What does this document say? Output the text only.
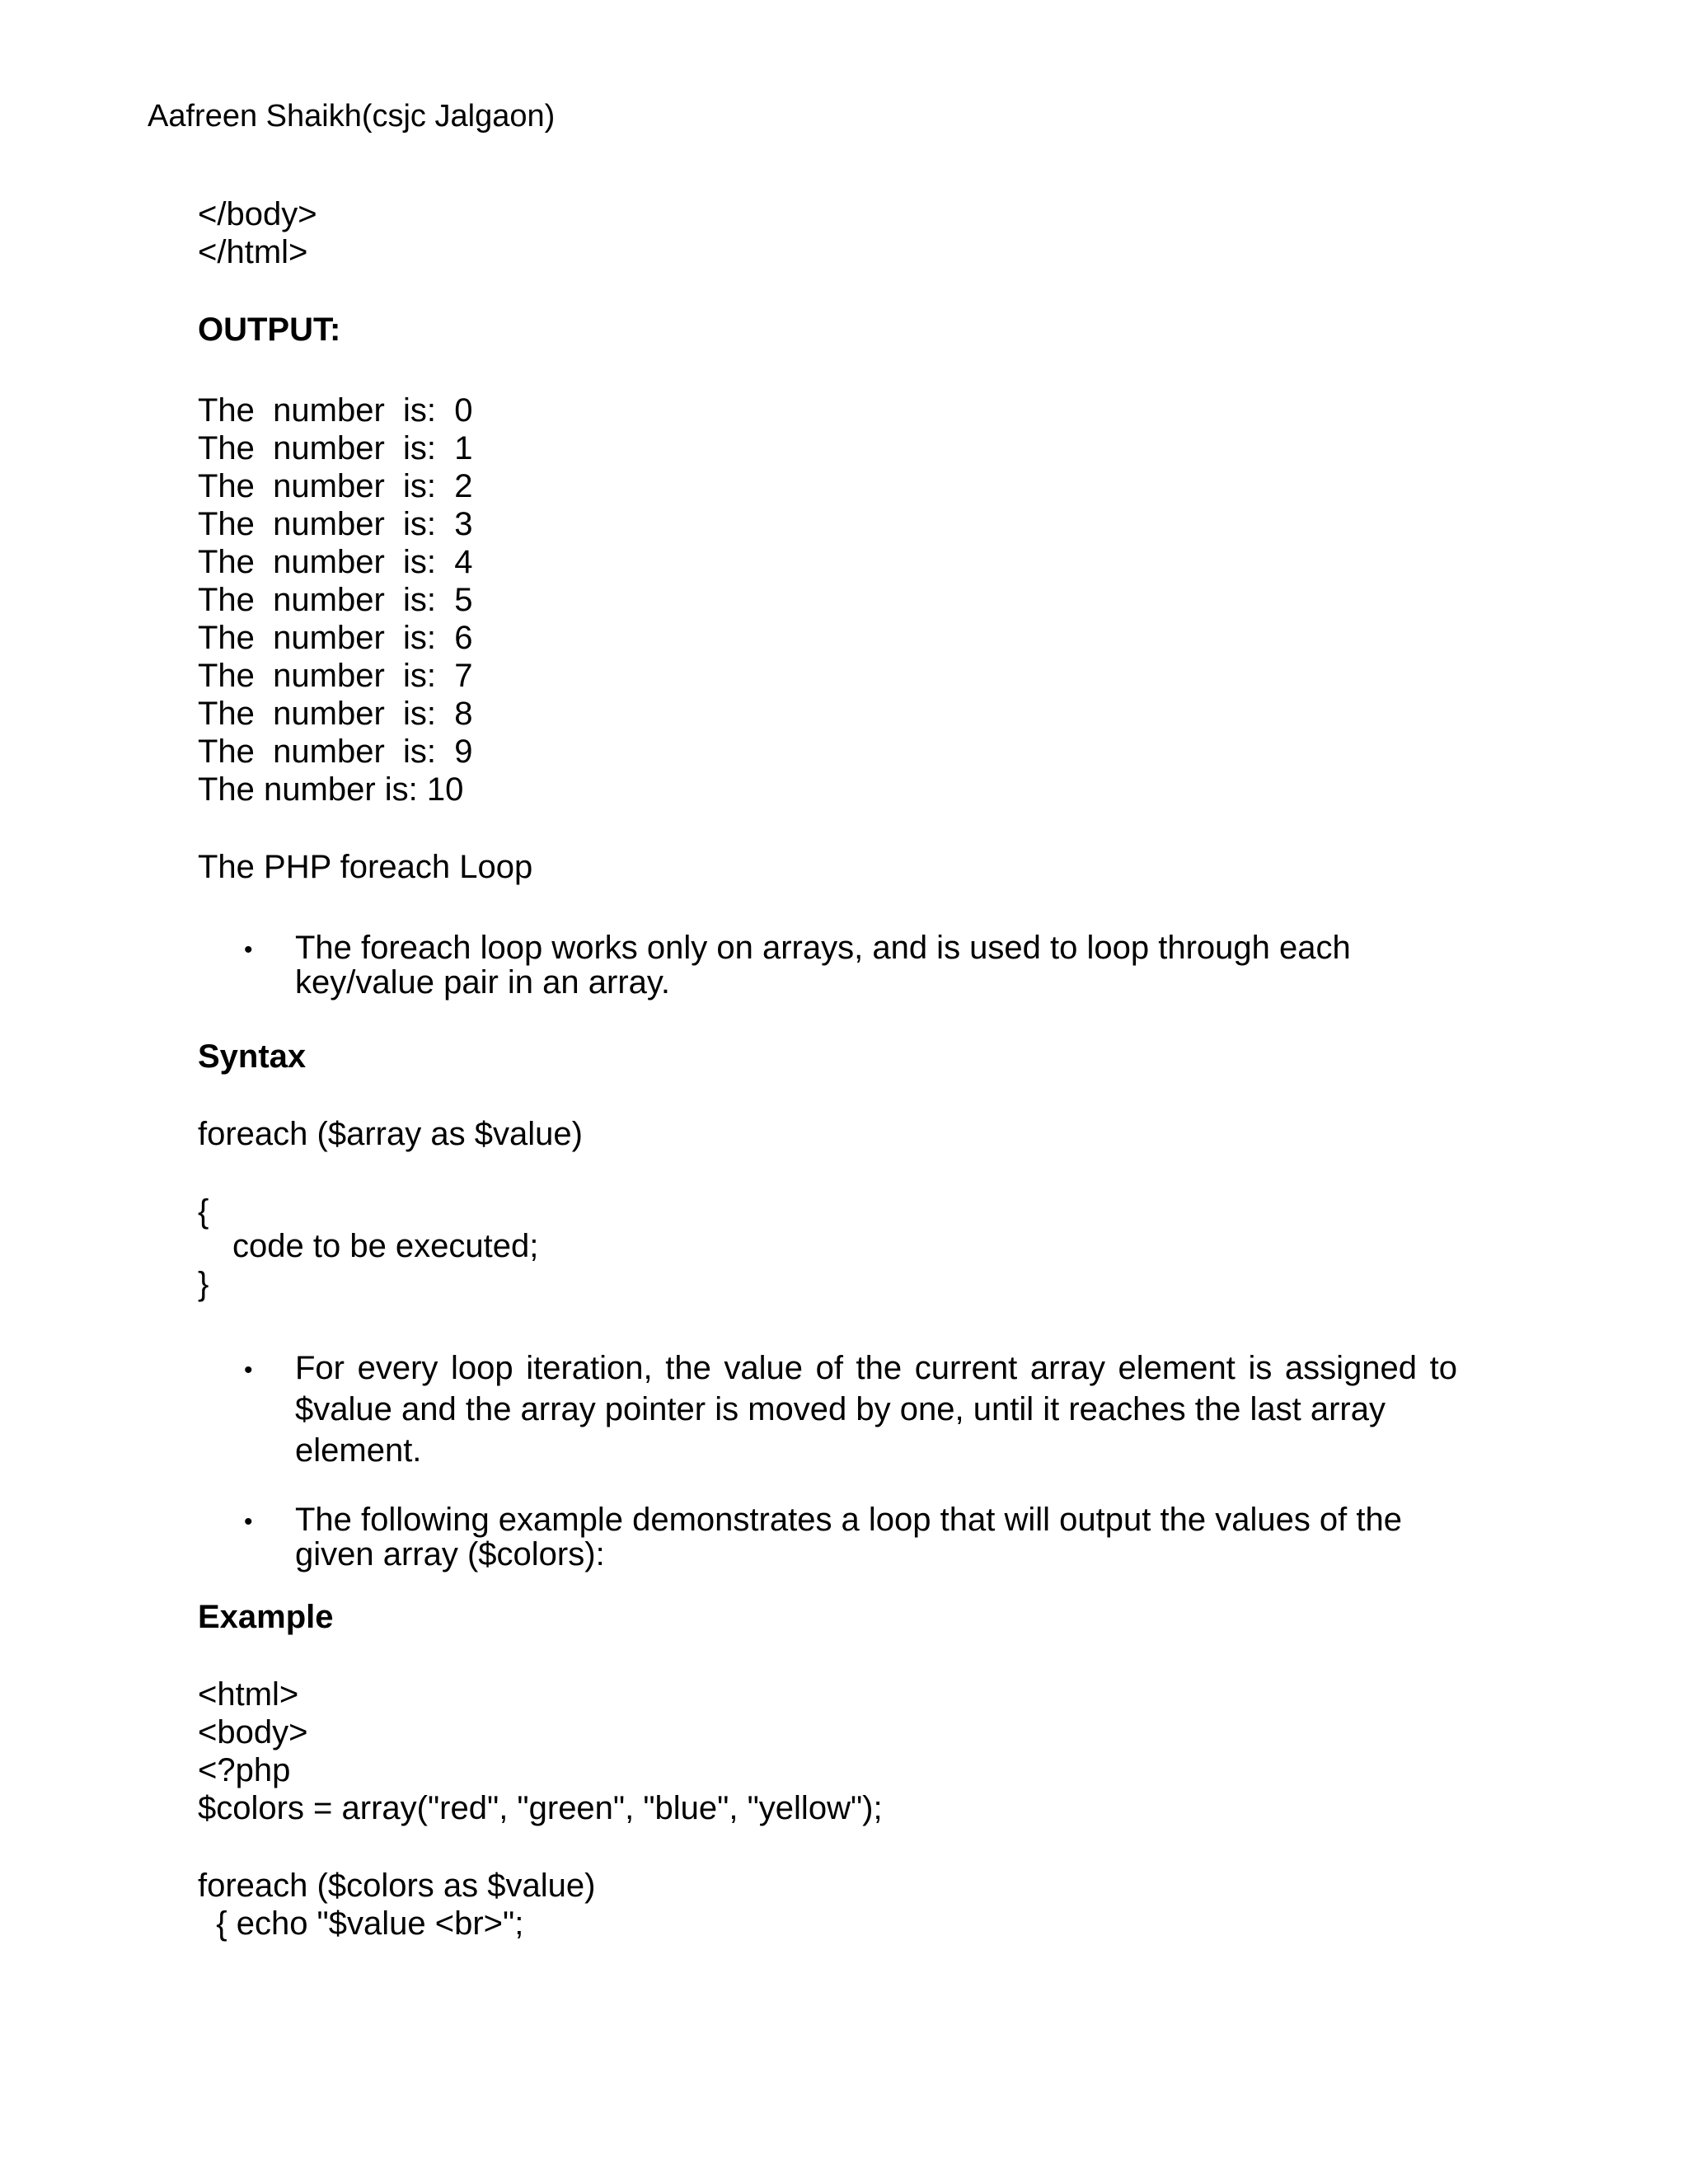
Aafreen Shaikh(csjc Jalgaon)
</body>
</html>
OUTPUT:
The  number  is:  0
The  number  is:  1
The  number  is:  2
The  number  is:  3
The  number  is:  4
The  number  is:  5
The  number  is:  6
The  number  is:  7
The  number  is:  8
The  number  is:  9
The number is: 10
The PHP foreach Loop
• The foreach loop works only on arrays, and is used to loop through each
key/value pair in an array.
Syntax
foreach ($array as $value)
{
code to be executed;
}
• For every loop iteration, the value of the current array element is assigned to
$value and the array pointer is moved by one, until it reaches the last array
element.
• The following example demonstrates a loop that will output the values of the
given array ($colors):
Example
<html>
<body>
<?php
$colors = array("red", "green", "blue", "yellow");
foreach ($colors as $value)
{ echo "$value <br>";
